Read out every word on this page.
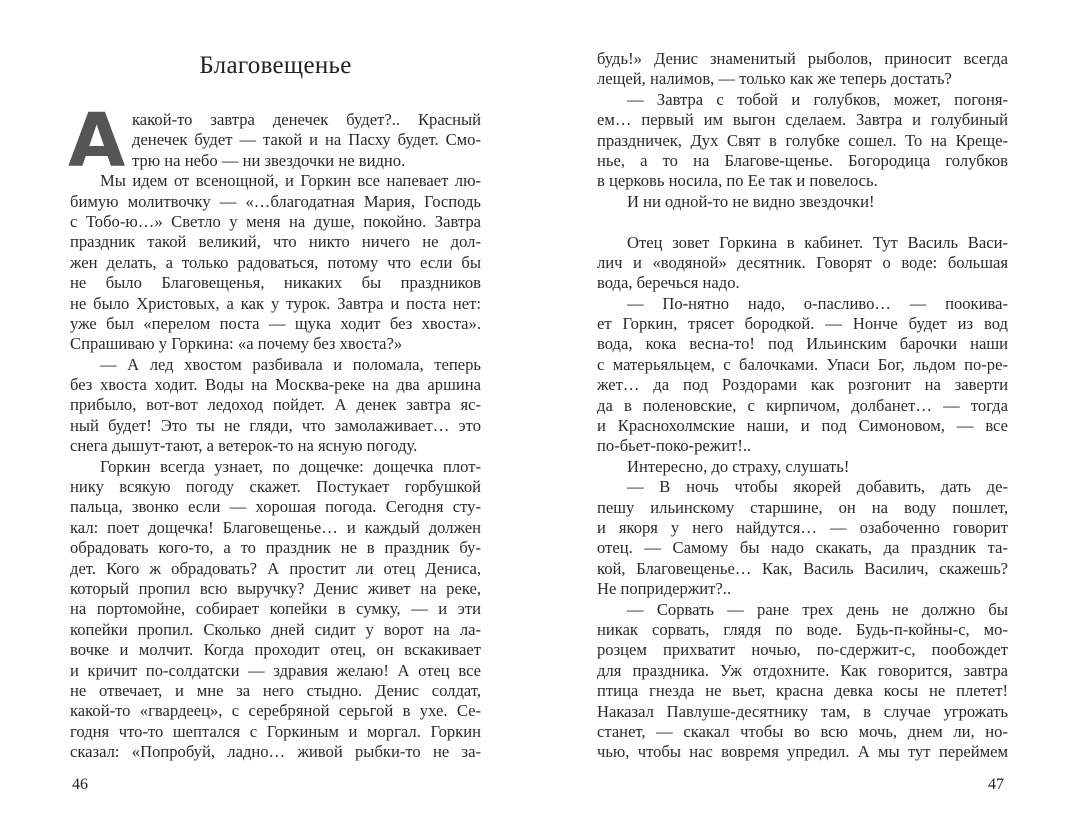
Благовещенье
А какой-то завтра денечек будет?.. Красный
денечек будет — такой и на Пасху будет. Смо-
трю на небо — ни звездочки не видно.
Мы идем от всенощной, и Горкин все напевает лю-
бимую молитвочку — «…благодатная Мария, Господь
с Тобо-ю…» Светло у меня на душе, покойно. Завтра
праздник такой великий, что никто ничего не дол-
жен делать, а только радоваться, потому что если бы
не было Благовещенья, никаких бы праздников
не было Христовых, а как у турок. Завтра и поста нет:
уже был «перелом поста — щука ходит без хвоста».
Спрашиваю у Горкина: «а почему без хвоста?»
— А лед хвостом разбивала и поломала, теперь
без хвоста ходит. Воды на Москва-реке на два аршина
прибыло, вот-вот ледоход пойдет. А денек завтра яс-
ный будет! Это ты не гляди, что замолаживает… это
снега дышут-тают, а ветерок-то на ясную погоду.
Горкин всегда узнает, по дощечке: дощечка плот-
нику всякую погоду скажет. Постукает горбушкой
пальца, звонко если — хорошая погода. Сегодня сту-
кал: поет дощечка! Благовещенье… и каждый должен
обрадовать кого-то, а то праздник не в праздник бу-
дет. Кого ж обрадовать? А простит ли отец Дениса,
который пропил всю выручку? Денис живет на реке,
на портомойне, собирает копейки в сумку, — и эти
копейки пропил. Сколько дней сидит у ворот на ла-
вочке и молчит. Когда проходит отец, он вскакивает
и кричит по-солдатски — здравия желаю! А отец все
не отвечает, и мне за него стыдно. Денис солдат,
какой-то «гвардеец», с серебряной серьгой в ухе. Се-
годня что-то шептался с Горкиным и моргал. Горкин
сказал: «Попробуй, ладно… живой рыбки-то не за-
46
будь!» Денис знаменитый рыболов, приносит всегда
лещей, налимов, — только как же теперь достать?
— Завтра с тобой и голубков, может, погоня-
ем… первый им выгон сделаем. Завтра и голубиный
праздничек, Дух Свят в голубке сошел. То на Креще-
нье, а то на Благове-щенье. Богородица голубков
в церковь носила, по Ее так и повелось.
И ни одной-то не видно звездочки!
Отец зовет Горкина в кабинет. Тут Василь Васи-
лич и «водяной» десятник. Говорят о воде: большая
вода, беречься надо.
— По-нятно надо, о-пасливо… — поокива-
ет Горкин, трясет бородкой. — Нонче будет из вод
вода, кока весна-то! под Ильинским барочки наши
с матерьяльцем, с балочками. Упаси Бог, льдом по-ре-
жет… да под Роздорами как розгонит на заверти
да в поленовские, с кирпичом, долбанет… — тогда
и Краснохолмские наши, и под Симоновом, — все
по-бьет-поко-режит!..
Интересно, до страху, слушать!
— В ночь чтобы якорей добавить, дать де-
пешу ильинскому старшине, он на воду пошлет,
и якоря у него найдутся… — озабоченно говорит
отец. — Самому бы надо скакать, да праздник та-
кой, Благовещенье… Как, Василь Василич, скажешь?
Не попридержит?..
— Сорвать — ране трех день не должно бы
никак сорвать, глядя по воде. Будь-п-койны-с, мо-
розцем прихватит ночью, по-сдержит-с, пообождет
для праздника. Уж отдохните. Как говорится, завтра
птица гнезда не вьет, красна девка косы не плетет!
Наказал Павлуше-десятнику там, в случае угрожать
станет, — скакал чтобы во всю мочь, днем ли, но-
чью, чтобы нас вовремя упредил. А мы тут переймем
47
